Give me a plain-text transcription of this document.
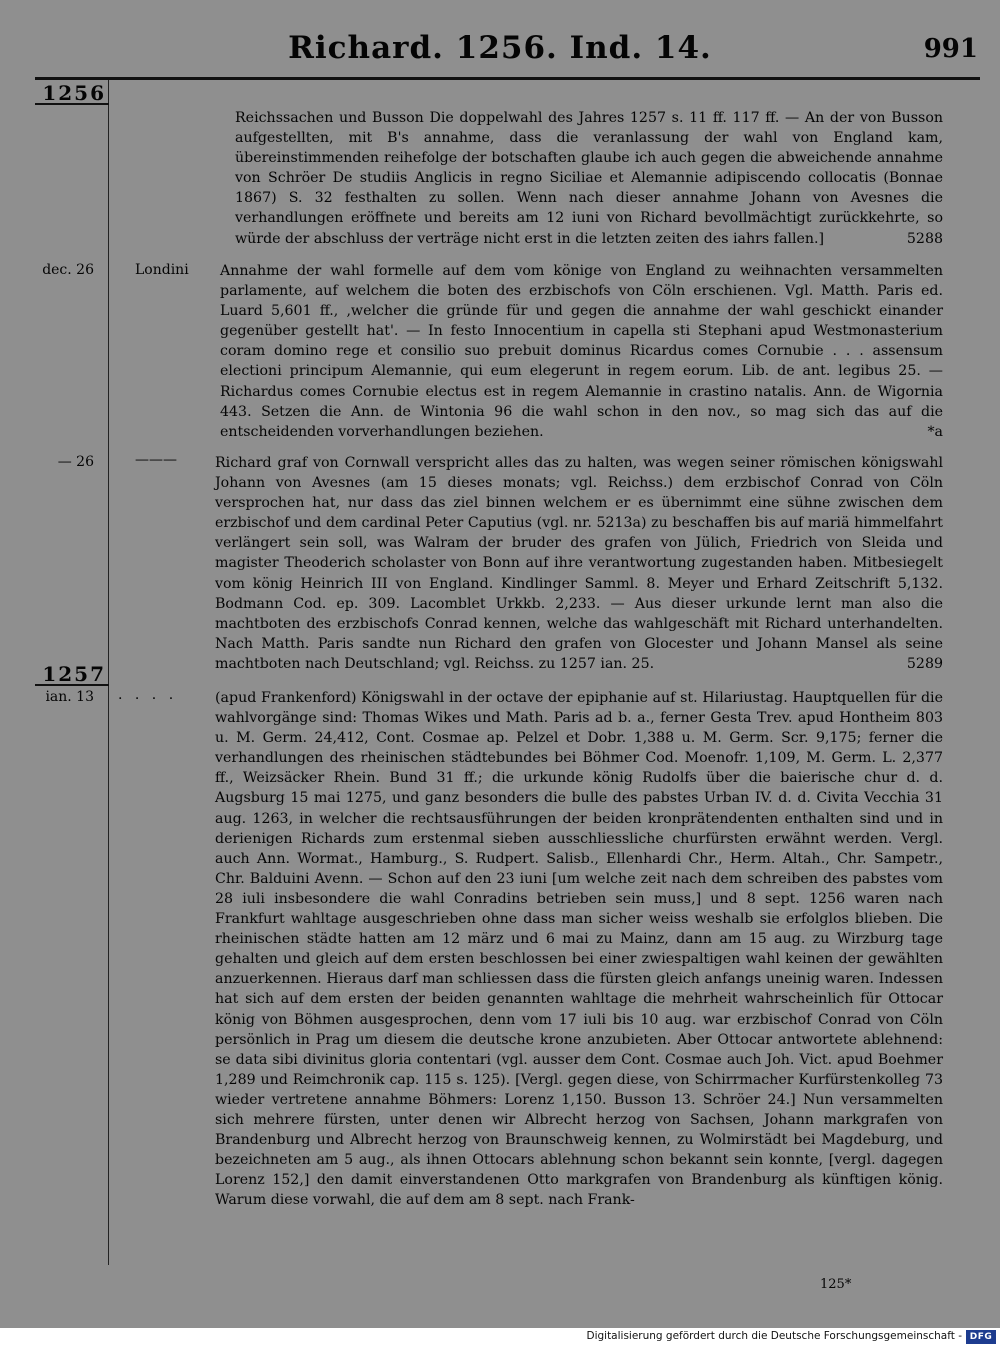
Richard. 1256. Ind. 14.	991
1256

Reichssachen und Busson Die doppelwahl des Jahres 1257 s. 11 ff. 117 ff. — An der von Busson aufgestellten, mit B's annahme, dass die veranlassung der wahl von England kam, übereinstimmenden reihefolge der botschaften glaube ich auch gegen die abweichende annahme von Schröer De studiis Anglicis in regno Siciliae et Alemannie adipiscendo collocatis (Bonnae 1867) S. 32 festhalten zu sollen. Wenn nach dieser annahme Johann von Avesnes die verhandlungen eröffnete und bereits am 12 iuni von Richard bevollmächtigt zurückkehrte, so würde der abschluss der verträge nicht erst in die letzten zeiten des iahrs fallen.]	5288

dec. 26	Londini	Annahme der wahl formelle auf dem vom könige von England zu weihnachten versammelten parlamente, auf welchem die boten des erzbischofs von Cöln erschienen. Vgl. Matth. Paris ed. Luard 5,601 ff., ‚welcher die gründe für und gegen die annahme der wahl geschickt einander gegenüber gestellt hat'. — In festo Innocentium in capella sti Stephani apud Westmonasterium coram domino rege et consilio suo prebuit dominus Ricardus comes Cornubie . . . assensum electioni principum Alemannie, qui eum elegerunt in regem eorum. Lib. de ant. legibus 25. — Richardus comes Cornubie electus est in regem Alemannie in crastino natalis. Ann. de Wigornia 443. Setzen die Ann. de Wintonia 96 die wahl schon in den nov., so mag sich das auf die entscheidenden vorverhandlungen beziehen.	*a

— 26	———	Richard graf von Cornwall verspricht alles das zu halten, was wegen seiner römischen königswahl Johann von Avesnes (am 15 dieses monats; vgl. Reichss.) dem erzbischof Conrad von Cöln versprochen hat, nur dass das ziel binnen welchem er es übernimmt eine sühne zwischen dem erzbischof und dem cardinal Peter Caputius (vgl. nr. 5213a) zu beschaffen bis auf mariä himmelfahrt verlängert sein soll, was Walram der bruder des grafen von Jülich, Friedrich von Sleida und magister Theoderich scholaster von Bonn auf ihre verantwortung zugestanden haben. Mitbesiegelt vom könig Heinrich III von England. Kindlinger Samml. 8. Meyer und Erhard Zeitschrift 5,132. Bodmann Cod. ep. 309. Lacomblet Urkkb. 2,233. — Aus dieser urkunde lernt man also die machtboten des erzbischofs Conrad kennen, welche das wahlgeschäft mit Richard unterhandelten. Nach Matth. Paris sandte nun Richard den grafen von Glocester und Johann Mansel als seine machtboten nach Deutschland; vgl. Reichss. zu 1257 ian. 25.	5289

1257
ian. 13 . . . .	(apud Frankenford) Königswahl in der octave der epiphanie auf st. Hilariustag. Hauptquellen für die wahlvorgänge sind: Thomas Wikes und Math. Paris ad b. a., ferner Gesta Trev. apud Hontheim 803 u. M. Germ. 24,412, Cont. Cosmae ap. Pelzel et Dobr. 1,388 u. M. Germ. Scr. 9,175; ferner die verhandlungen des rheinischen städtebundes bei Böhmer Cod. Moenofr. 1,109, M. Germ. L. 2,377 ff., Weizsäcker Rhein. Bund 31 ff.; die urkunde könig Rudolfs über die baierische chur d. d. Augsburg 15 mai 1275, und ganz besonders die bulle des pabstes Urban IV. d. d. Civita Vecchia 31 aug. 1263, in welcher die rechtsausführungen der beiden kronprätendenten enthalten sind und in derienigen Richards zum erstenmal sieben ausschliessliche churfürsten erwähnt werden. Vergl. auch Ann. Wormat., Hamburg., S. Rudpert. Salisb., Ellenhardi Chr., Herm. Altah., Chr. Sampetr., Chr. Balduini Avenn. — Schon auf den 23 iuni [um welche zeit nach dem schreiben des pabstes vom 28 iuli insbesondere die wahl Conradins betrieben sein muss,] und 8 sept. 1256 waren nach Frankfurt wahltage ausgeschrieben ohne dass man sicher weiss weshalb sie erfolglos blieben. Die rheinischen städte hatten am 12 märz und 6 mai zu Mainz, dann am 15 aug. zu Wirzburg tage gehalten und gleich auf dem ersten beschlossen bei einer zwiespaltigen wahl keinen der gewählten anzuerkennen. Hieraus darf man schliessen dass die fürsten gleich anfangs uneinig waren. Indessen hat sich auf dem ersten der beiden genannten wahltage die mehrheit wahrscheinlich für Ottocar könig von Böhmen ausgesprochen, denn vom 17 iuli bis 10 aug. war erzbischof Conrad von Cöln persönlich in Prag um diesem die deutsche krone anzubieten. Aber Ottocar antwortete ablehnend: se data sibi divinitus gloria contentari (vgl. ausser dem Cont. Cosmae auch Joh. Vict. apud Boehmer 1,289 und Reimchronik cap. 115 s. 125). [Vergl. gegen diese, von Schirrmacher Kurfürstenkolleg 73 wieder vertretene annahme Böhmers: Lorenz 1,150. Busson 13. Schröer 24.] Nun versammelten sich mehrere fürsten, unter denen wir Albrecht herzog von Sachsen, Johann markgrafen von Brandenburg und Albrecht herzog von Braunschweig kennen, zu Wolmirstädt bei Magdeburg, und bezeichneten am 5 aug., als ihnen Ottocars ablehnung schon bekannt sein konnte, [vergl. dagegen Lorenz 152,] den damit einverstandenen Otto markgrafen von Brandenburg als künftigen könig. Warum diese vorwahl, die auf dem am 8 sept. nach Frank-

125*
Digitalisierung gefördert durch die Deutsche Forschungsgemeinschaft - DFG
